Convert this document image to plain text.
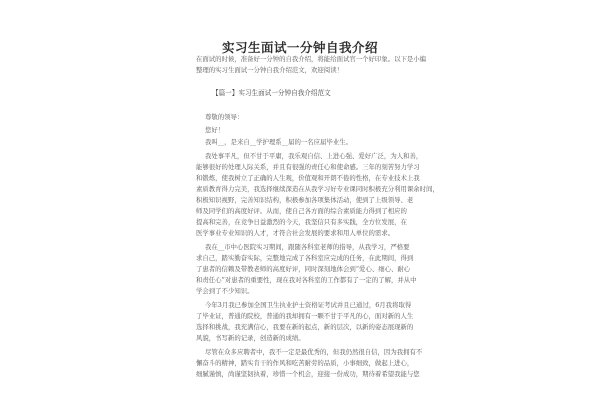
实习生面试一分钟自我介绍
在面试的时候，准备好一分钟的自我介绍，将能给面试官一个好印象。以下是小编
整理的实习生面试一分钟自我介绍范文，欢迎阅读！
【篇一】实习生面试一分钟自我介绍范文
尊敬的领导：
您好！
我叫__，是来自__学护理系__届的一名应届毕业生。
我处事平凡，但不甘于平庸，我乐观自信、上进心强、爱好广泛，为人和善，
能够很好的处理人际关系，并且有很强的责任心和使命感。三年的刻苦努力学习
和锻炼，使我树立了正确的人生观，价值观和开朗不倦的性格，在专业技术上我
素质教育得力完美，我选择继续深造在从我学习好专业课同时积极充分利用课余时间，
积极知识视野，完善知识结构，积极参加各项集体活动，使到了上级领导、老
师及同学们的高度好评。从而，使自己各方面的综合素质能力得到了相应的
提高和完善，在竞争日益激烈的今天，我坚信只有多实践，全方位发展，在
医学事业专业知识的人才，才符合社会发展的要求和用人单位的需求。
我在__市中心医院实习期间，跟随各科室老师的指导，从我学习，严格要
求自己，踏实勤奋实际，完整地完成了各科室应完成的任务，在此期间，得到
了患者的信赖及带教老师的高度好评，同时深刻地体会到“爱心、细心、耐心
和责任心”对患者的重要性，现在我对各科室的工作都有了一定的了解，并从中
学会到了不少知识。
今年3月我已参加全国卫生执业护士资格证考试并且已通过，6月我将取得
了毕业证，普通的院校，普通的我却拥有一颗不甘于平凡的心，面对新的人生
选择和挑战，我充满信心，我要在新的起点，新的层次，以新的姿态展现新的
风貌，书写新的记录，创造新的成绩。
尽管在众多应聘者中，我不一定是最优秀的，但我仍然很自信，因为我拥有不
懈奋斗的精神，踏实肯干的作风和吃苦耐劳的品质，小事细致，做起上进心，
细腻谨慎，尚谨坚韧执着，珍惜一个机会，迎接一份成功，期待着希望我能与您
